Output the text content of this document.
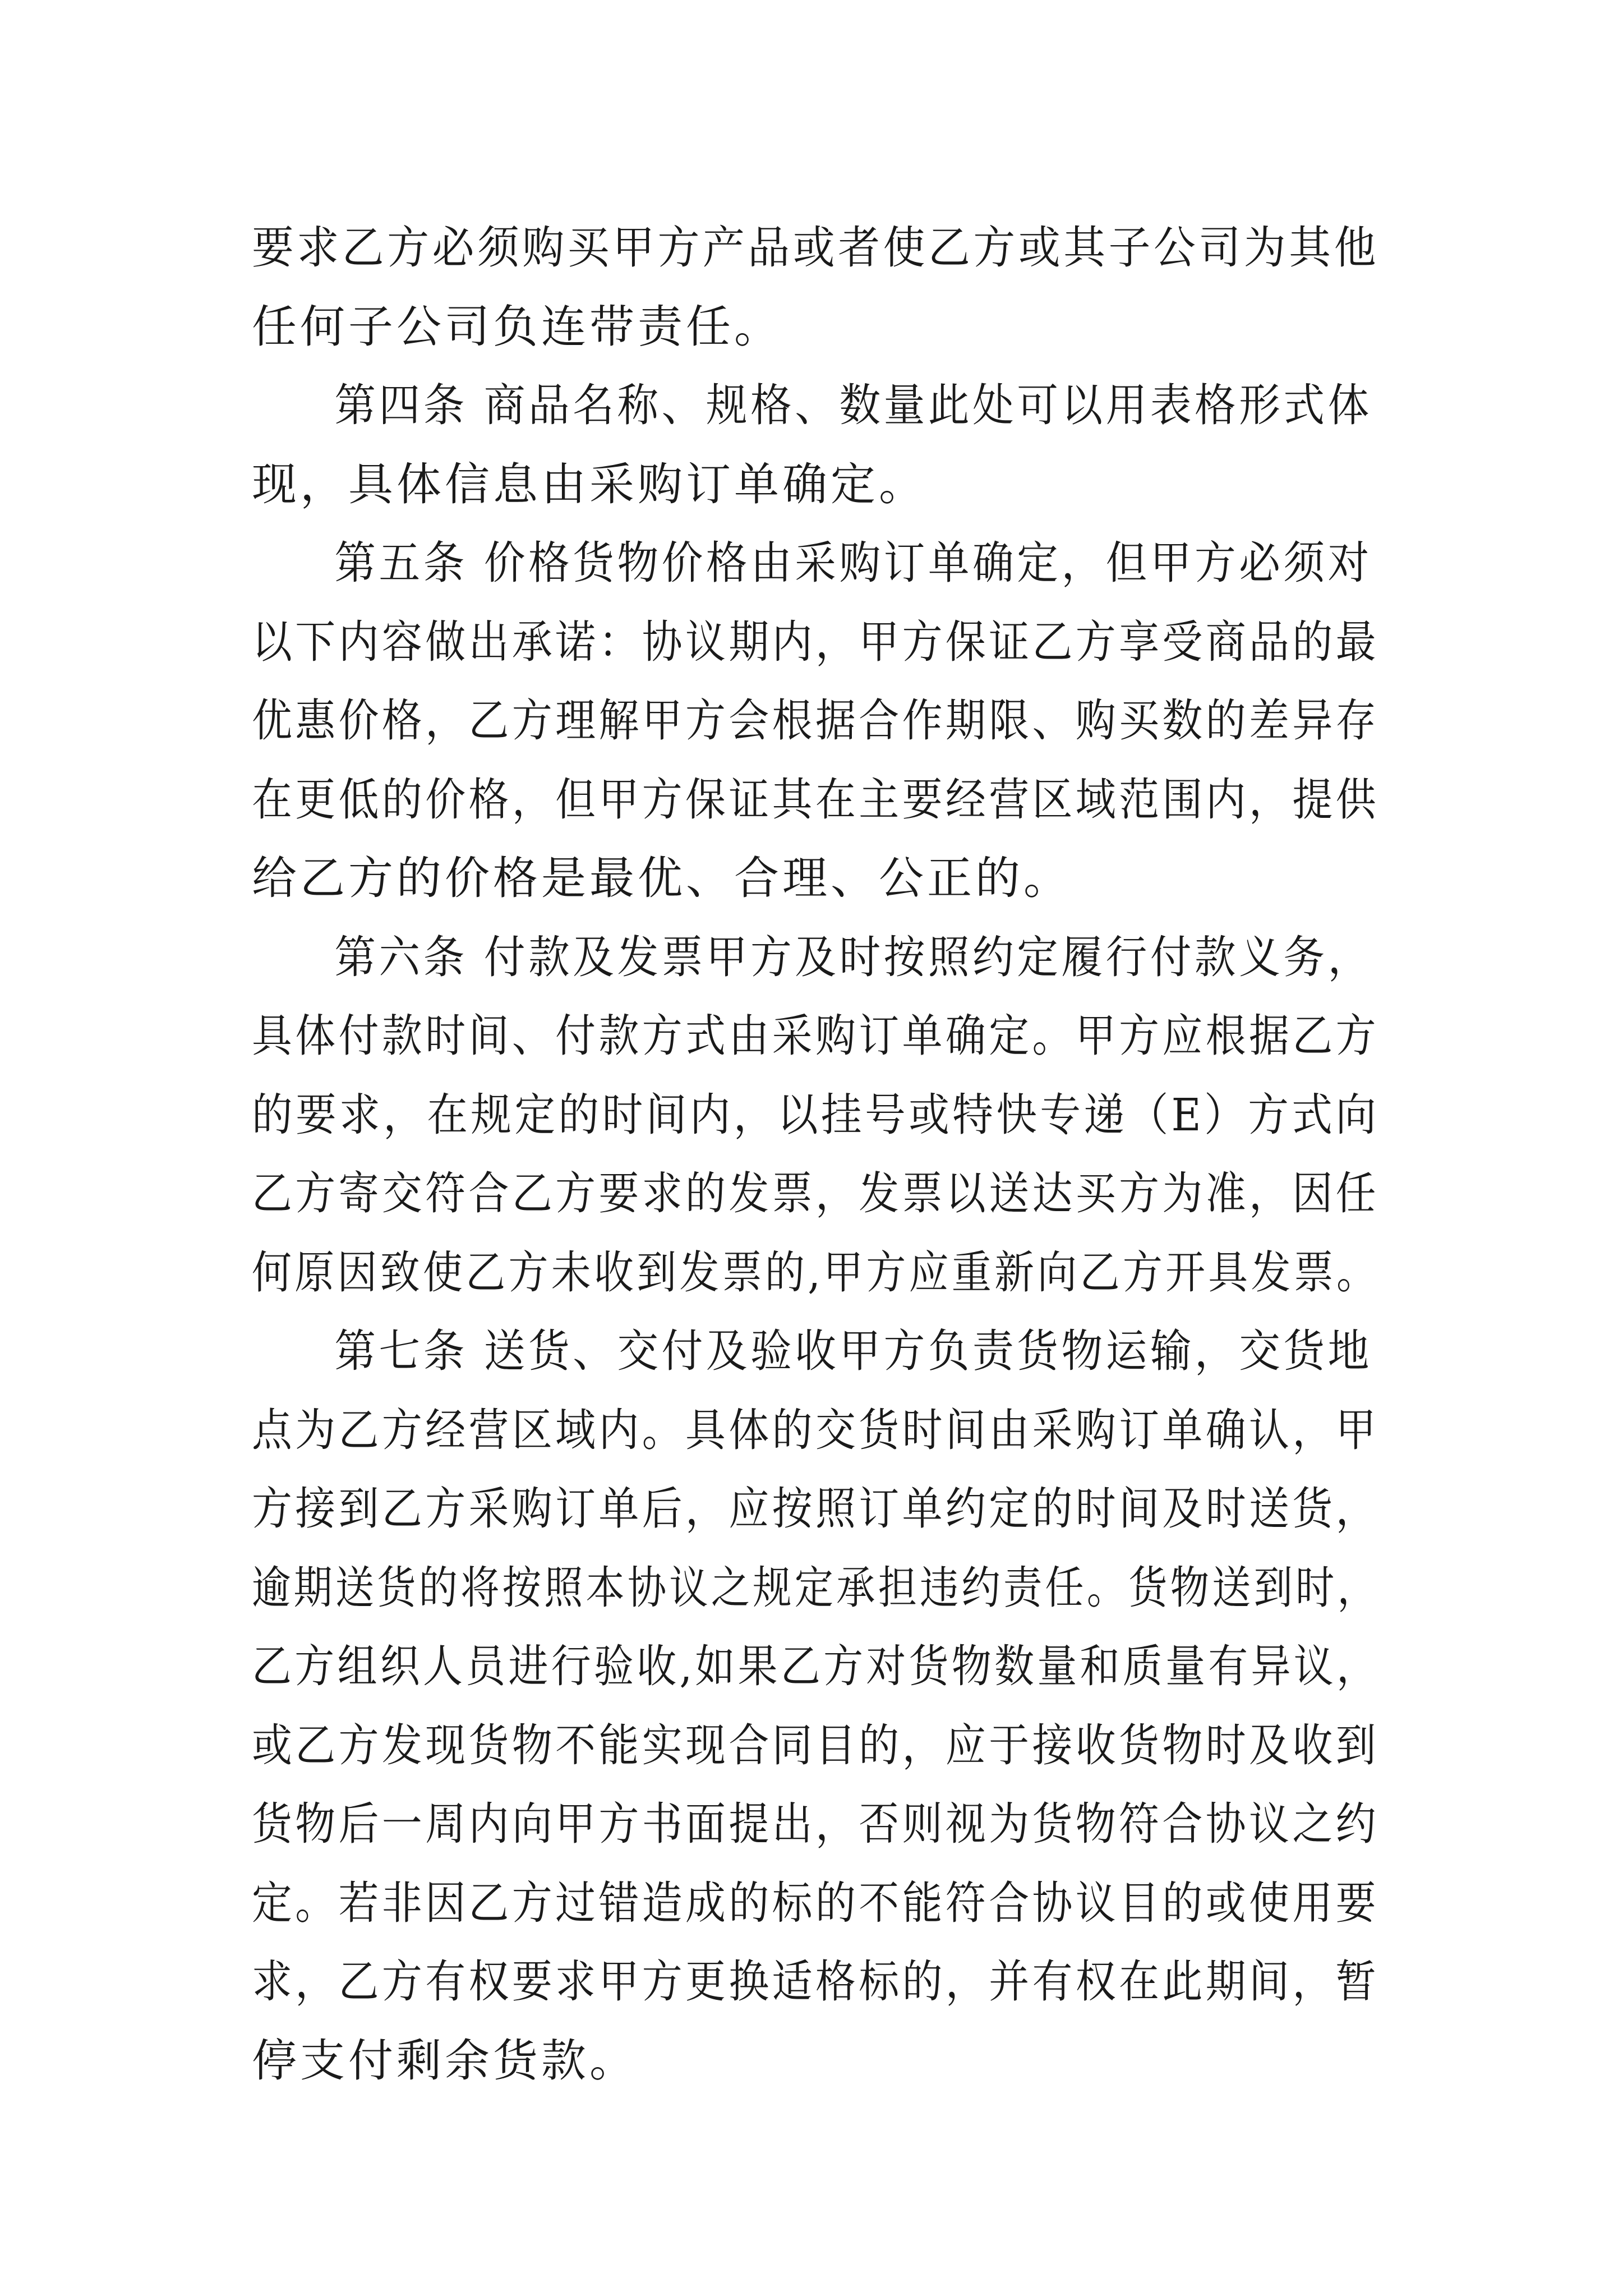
要求乙方必须购买甲方产品或者使乙方或其子公司为其他
任何子公司负连带责任。
第四条 商品名称、规格、数量此处可以用表格形式体
现，具体信息由采购订单确定。
第五条 价格货物价格由采购订单确定，但甲方必须对
以下内容做出承诺：协议期内，甲方保证乙方享受商品的最
优惠价格，乙方理解甲方会根据合作期限、购买数的差异存
在更低的价格，但甲方保证其在主要经营区域范围内，提供
给乙方的价格是最优、合理、公正的。
第六条 付款及发票甲方及时按照约定履行付款义务，
具体付款时间、付款方式由采购订单确定。甲方应根据乙方
的要求，在规定的时间内，以挂号或特快专递（E）方式向
乙方寄交符合乙方要求的发票，发票以送达买方为准，因任
何原因致使乙方未收到发票的,甲方应重新向乙方开具发票。
第七条 送货、交付及验收甲方负责货物运输，交货地
点为乙方经营区域内。具体的交货时间由采购订单确认，甲
方接到乙方采购订单后，应按照订单约定的时间及时送货，
逾期送货的将按照本协议之规定承担违约责任。货物送到时，
乙方组织人员进行验收,如果乙方对货物数量和质量有异议，
或乙方发现货物不能实现合同目的，应于接收货物时及收到
货物后一周内向甲方书面提出，否则视为货物符合协议之约
定。若非因乙方过错造成的标的不能符合协议目的或使用要
求，乙方有权要求甲方更换适格标的，并有权在此期间，暂
停支付剩余货款。
